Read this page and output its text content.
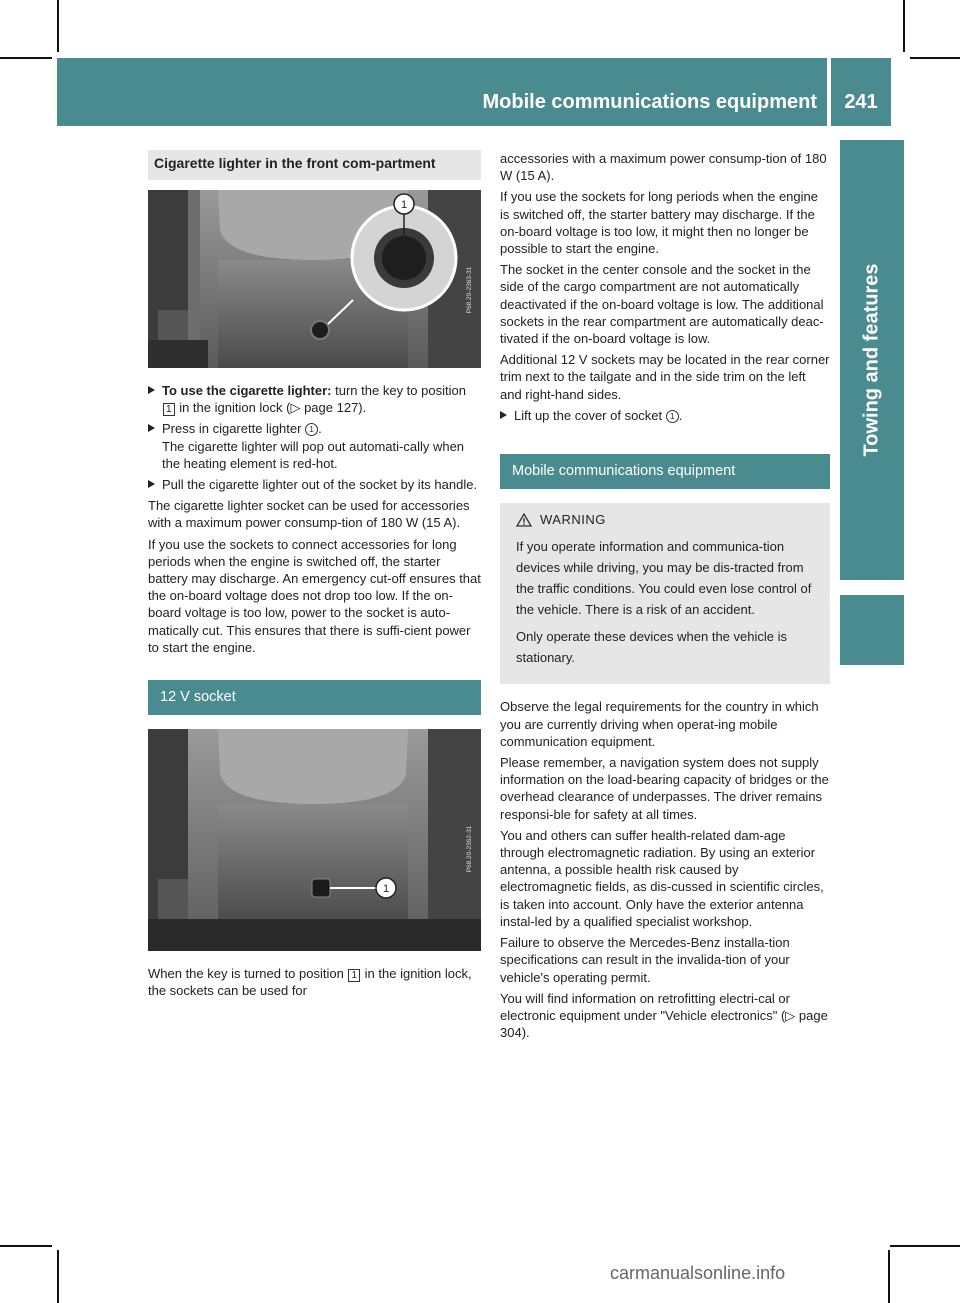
Mobile communications equipment	241
Towing and features
Cigarette lighter in the front com-partment
1
P68.20-2363-31
To use the cigarette lighter: turn the key to position 1 in the ignition lock (▷ page 127).
Press in cigarette lighter 1 .
The cigarette lighter will pop out automati-cally when the heating element is red-hot.
Pull the cigarette lighter out of the socket by its handle.

The cigarette lighter socket can be used for accessories with a maximum power consump-tion of 180 W (15 A).

If you use the sockets to connect accessories for long periods when the engine is switched off, the starter battery may discharge. An emergency cut-off ensures that the on-board voltage does not drop too low. If the on-board voltage is too low, power to the socket is auto-matically cut. This ensures that there is suffi-cient power to start the engine.

12 V socket
1
P68.20-2362-31

When the key is turned to position 1 in the ignition lock, the sockets can be used for

accessories with a maximum power consump-tion of 180 W (15 A).

If you use the sockets for long periods when the engine is switched off, the starter battery may discharge. If the on-board voltage is too low, it might then no longer be possible to start the engine.

The socket in the center console and the socket in the side of the cargo compartment are not automatically deactivated if the on-board voltage is low. The additional sockets in the rear compartment are automatically deac-tivated if the on-board voltage is low.

Additional 12 V sockets may be located in the rear corner trim next to the tailgate and in the side trim on the left and right-hand sides.

Lift up the cover of socket 1 .
Mobile communications equipment
WARNING

If you operate information and communica-tion devices while driving, you may be dis-tracted from the traffic conditions. You could even lose control of the vehicle. There is a risk of an accident.

Only operate these devices when the vehicle is stationary.

Observe the legal requirements for the country in which you are currently driving when operat-ing mobile communication equipment.

Please remember, a navigation system does not supply information on the load-bearing capacity of bridges or the overhead clearance of underpasses. The driver remains responsi-ble for safety at all times.

You and others can suffer health-related dam-age through electromagnetic radiation. By using an exterior antenna, a possible health risk caused by electromagnetic fields, as dis-cussed in scientific circles, is taken into account. Only have the exterior antenna instal-led by a qualified specialist workshop.

Failure to observe the Mercedes-Benz installa-tion specifications can result in the invalida-tion of your vehicle's operating permit.

You will find information on retrofitting electri-cal or electronic equipment under "Vehicle electronics" (▷ page 304).

carmanualsonline.info
